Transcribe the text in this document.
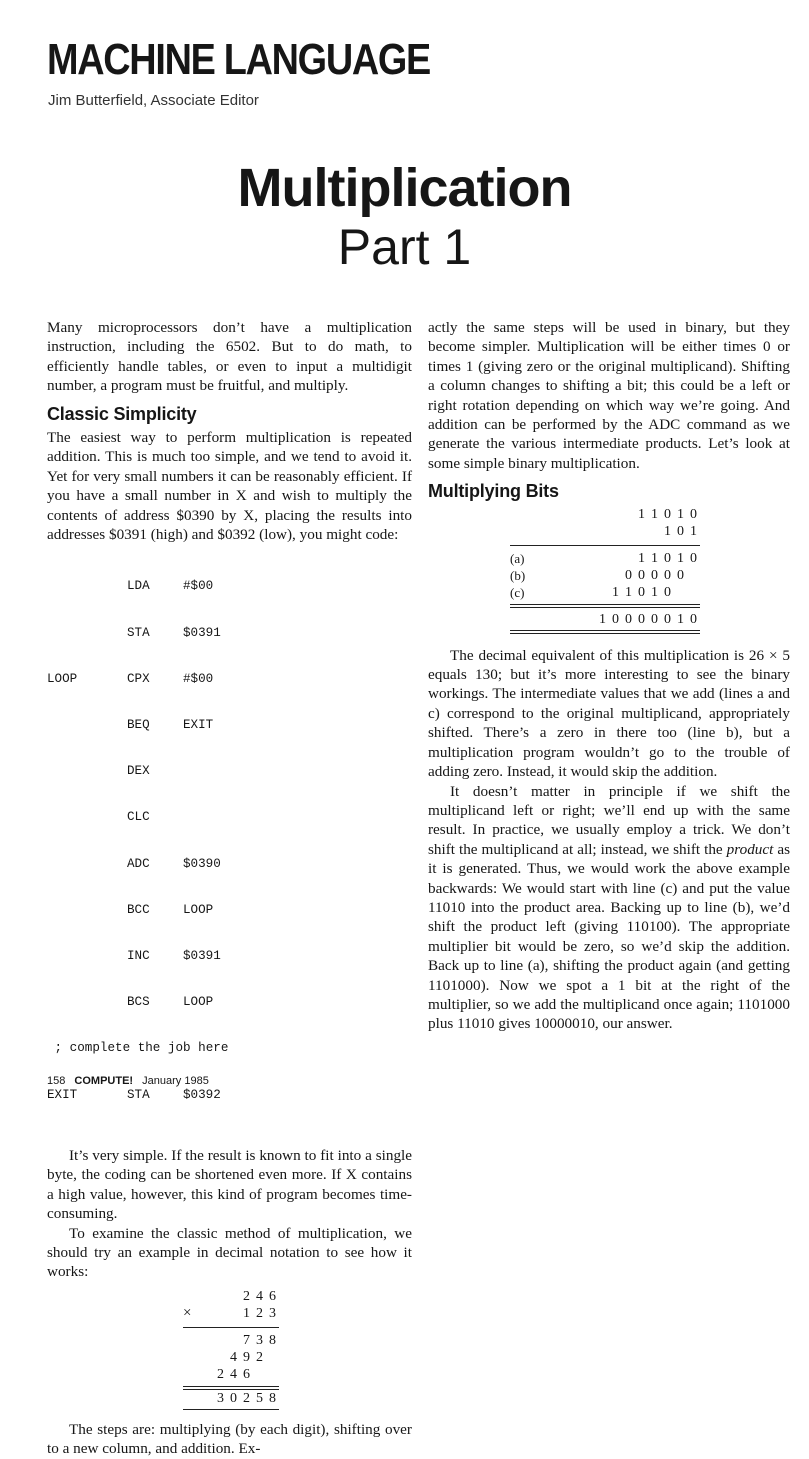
MACHINE LANGUAGE
Jim Butterfield, Associate Editor
Multiplication
Part 1

Many microprocessors don’t have a multiplication instruction, including the 6502. But to do math, to efficiently handle tables, or even to input a multidigit number, a program must be fruitful, and multiply.

Classic Simplicity

The easiest way to perform multiplication is repeated addition. This is much too simple, and we tend to avoid it. Yet for very small numbers it can be reasonably efficient. If you have a small number in X and wish to multiply the contents of address $0390 by X, placing the results into addresses $0391 (high) and $0392 (low), you might code:

LDA	#$00

STA	$0391

LOOP	CPX	#$00

BEQ	EXIT

DEX

CLC

ADC	$0390

BCC	LOOP

INC	$0391

BCS	LOOP

; complete the job here

EXIT	STA	$0392

It’s very simple. If the result is known to fit into a single byte, the coding can be shortened even more. If X contains a high value, however, this kind of program becomes time-consuming.

To examine the classic method of multiplication, we should try an example in decimal notation to see how it works:

2 4 6
×	1 2 3
7 3 8
4 9 2
2 4 6
3 0 2 5 8

The steps are: multiplying (by each digit), shifting over to a new column, and addition. Ex-

actly the same steps will be used in binary, but they become simpler. Multiplication will be either times 0 or times 1 (giving zero or the original multiplicand). Shifting a column changes to shifting a bit; this could be a left or right rotation depending on which way we’re going. And addition can be performed by the ADC command as we generate the various intermediate products. Let’s look at some simple binary multiplication.

Multiplying Bits
1 1 0 1 0
1 0 1
(a)	1 1 0 1 0
(b)	0 0 0 0 0
(c)	1 1 0 1 0
1 0 0 0 0 0 1 0

The decimal equivalent of this multiplication is 26 × 5 equals 130; but it’s more interesting to see the binary workings. The intermediate values that we add (lines a and c) correspond to the original multiplicand, appropriately shifted. There’s a zero in there too (line b), but a multiplication program wouldn’t go to the trouble of adding zero. Instead, it would skip the addition.

It doesn’t matter in principle if we shift the multiplicand left or right; we’ll end up with the same result. In practice, we usually employ a trick. We don’t shift the multiplicand at all; instead, we shift the product as it is generated. Thus, we would work the above example backwards: We would start with line (c) and put the value 11010 into the product area. Backing up to line (b), we’d shift the product left (giving 110100). The appropriate multiplier bit would be zero, so we’d skip the addition. Back up to line (a), shifting the product again (and getting 1101000). Now we spot a 1 bit at the right of the multiplier, so we add the multiplicand once again; 1101000 plus 11010 gives 10000010, our answer.

158 COMPUTE! January 1985
